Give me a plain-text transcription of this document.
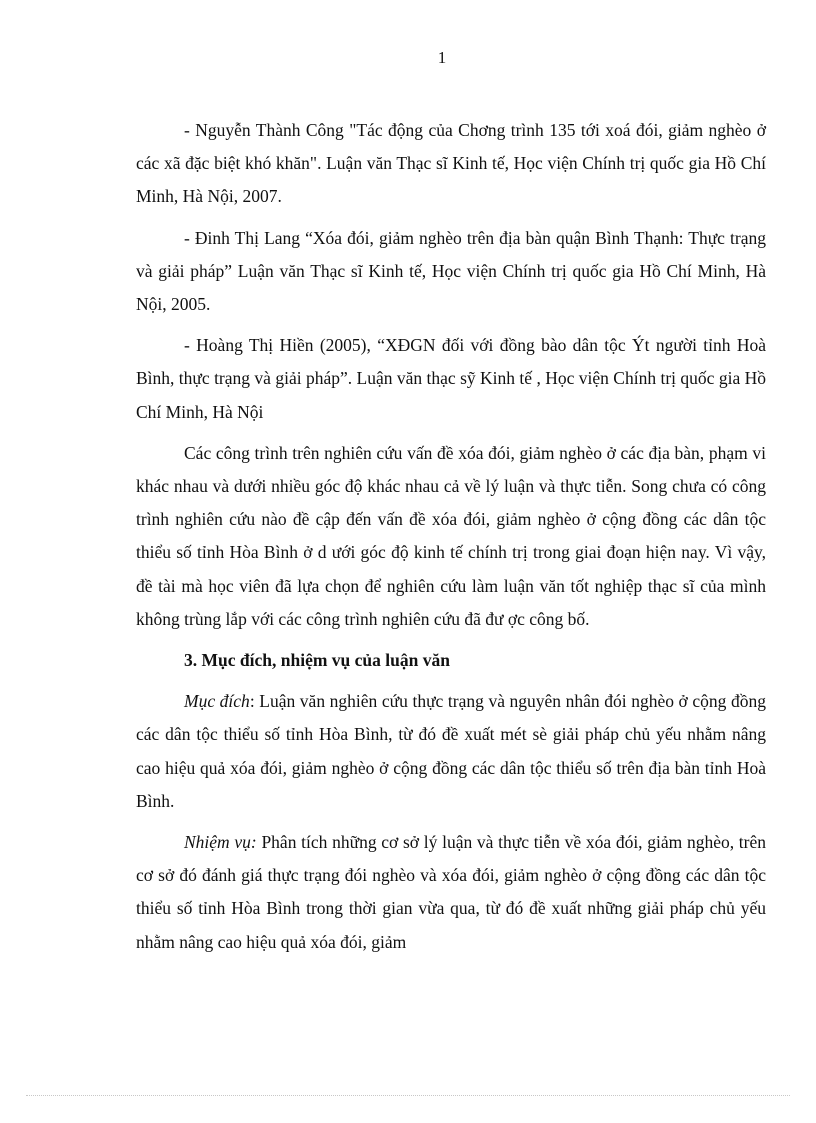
1

- Nguyễn Thành Công "Tác động của Chơng trình 135 tới xoá đói, giảm nghèo ở các xã đặc biệt khó khăn". Luận văn Thạc sĩ Kinh tế, Học viện Chính trị quốc gia Hồ Chí Minh, Hà Nội, 2007.

- Đinh Thị Lang “Xóa đói, giảm nghèo trên địa bàn quận Bình Thạnh: Thực trạng và giải pháp” Luận văn Thạc sĩ Kinh tế, Học viện Chính trị quốc gia Hồ Chí Minh, Hà Nội, 2005.

- Hoàng Thị Hiền (2005), “XĐGN đối với đồng bào dân tộc Ýt người tỉnh Hoà Bình, thực trạng và giải pháp”. Luận văn thạc sỹ Kinh tế , Học viện Chính trị quốc gia Hồ Chí Minh, Hà Nội

Các công trình trên nghiên cứu vấn đề xóa đói, giảm nghèo ở các địa bàn, phạm vi khác nhau và dưới nhiều góc độ khác nhau cả về lý luận và thực tiễn. Song chưa có công trình nghiên cứu nào đề cập đến vấn đề xóa đói, giảm nghèo ở cộng đồng các dân tộc thiểu số tỉnh Hòa Bình ở d ưới góc độ kinh tế chính trị trong giai đoạn hiện nay. Vì vậy, đề tài mà học viên đã lựa chọn để nghiên cứu làm luận văn tốt nghiệp thạc sĩ của mình không trùng lắp với các công trình nghiên cứu đã đư ợc công bố.

3. Mục đích, nhiệm vụ của luận văn

Mục đích: Luận văn nghiên cứu thực trạng và nguyên nhân đói nghèo ở cộng đồng các dân tộc thiểu số tỉnh Hòa Bình, từ đó đề xuất mét sè giải pháp chủ yếu nhằm nâng cao hiệu quả xóa đói, giảm nghèo ở cộng đồng các dân tộc thiểu số trên địa bàn tỉnh Hoà Bình.

Nhiệm vụ: Phân tích những cơ sở lý luận và thực tiễn về xóa đói, giảm nghèo, trên cơ sở đó đánh giá thực trạng đói nghèo và xóa đói, giảm nghèo ở cộng đồng các dân tộc thiểu số tỉnh Hòa Bình trong thời gian vừa qua, từ đó đề xuất những giải pháp chủ yếu nhằm nâng cao hiệu quả xóa đói, giảm
